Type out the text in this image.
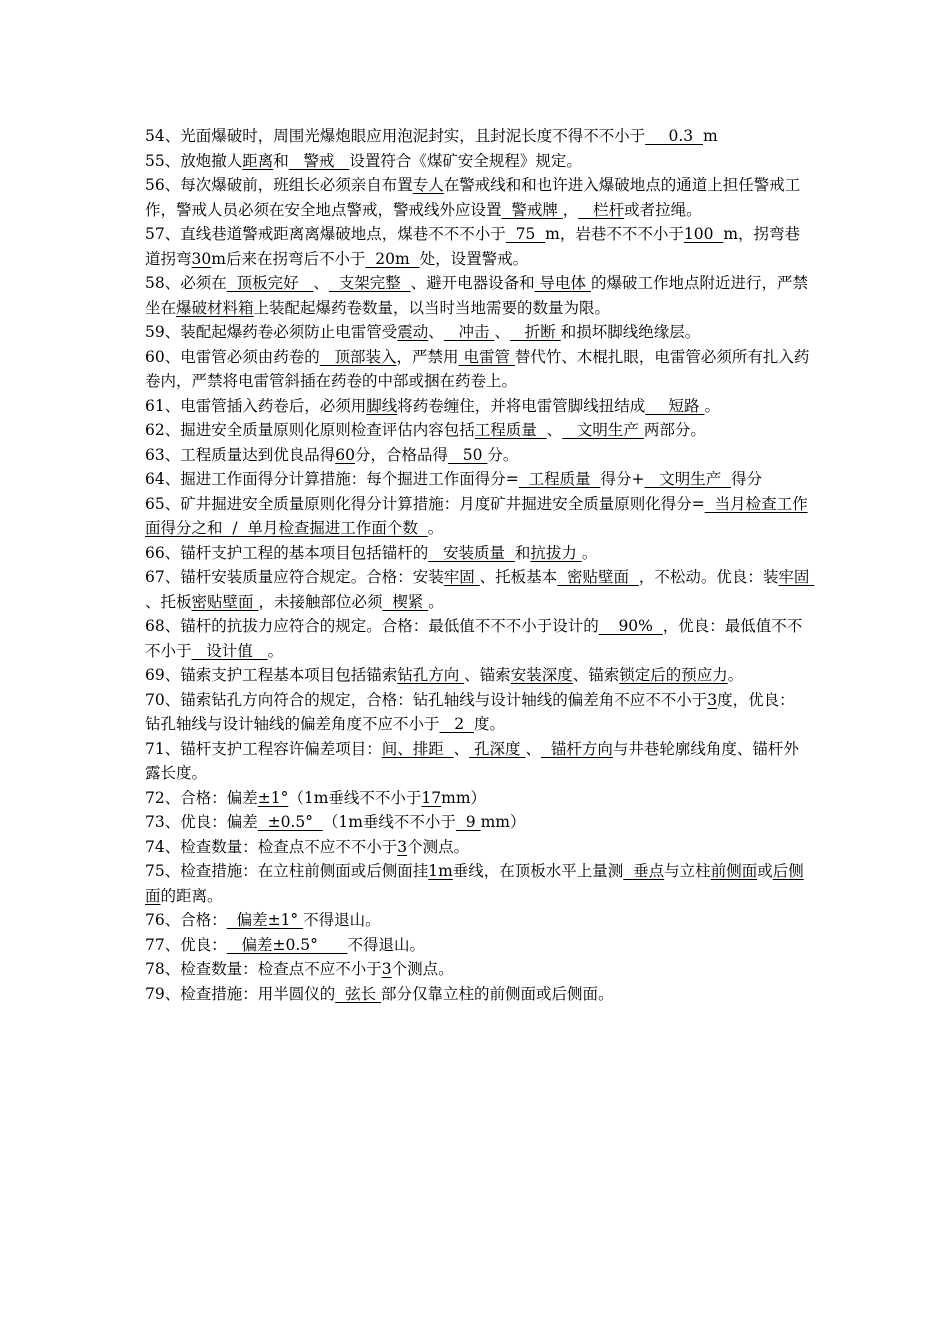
54、光面爆破时，周围光爆炮眼应用泡泥封实，且封泥长度不得不不小于___0.3  m

55、放炮撤人距离和   警戒   设置符合《煤矿安全规程》规定。

56、每次爆破前，班组长必须亲自布置专人在警戒线和和也许进入爆破地点的通道上担任警戒工作，警戒人员必须在安全地点警戒，警戒线外应设置  警戒牌 ，   栏杆或者拉绳。

57、直线巷道警戒距离离爆破地点，煤巷不不不小于  75  m，岩巷不不不小于100  m，拐弯巷道拐弯30m后来在拐弯后不小于  20m  处，设置警戒。

58、必须在  顶板完好   、  支架完整  、避开电器设备和 导电体 的爆破工作地点附近进行，严禁坐在爆破材料箱上装配起爆药卷数量，以当时当地需要的数量为限。

59、装配起爆药卷必须防止电雷管受震动、   冲击 、   折断 和损坏脚线绝缘层。

60、电雷管必须由药卷的   顶部装入，严禁用 电雷管 替代竹、木棍扎眼，电雷管必须所有扎入药卷内，严禁将电雷管斜插在药卷的中部或捆在药卷上。

61、电雷管插入药卷后，必须用脚线将药卷缠住，并将电雷管脚线扭结成___短路 。

62、掘进安全质量原则化原则检查评估内容包括工程质量  、   文明生产 两部分。

63、工程质量达到优良品得60分，合格品得   50 分。

64、掘进工作面得分计算措施：每个掘进工作面得分=  工程质量  得分+   文明生产  得分

65、矿井掘进安全质量原则化得分计算措施：月度矿井掘进安全质量原则化得分=  当月检查工作面得分之和  /  单月检查掘进工作面个数  。

66、锚杆支护工程的基本项目包括锚杆的   安装质量  和抗拔力 。

67、锚杆安装质量应符合规定。合格：安装牢固 、托板基本  密贴壁面  ，不松动。优良：装牢固 、托板密贴壁面 ，未接触部位必须  楔紧 。

68、锚杆的抗拔力应符合的规定。合格：最低值不不不小于设计的    90%  ，优良：最低值不不不小于   设计值   。

69、锚索支护工程基本项目包括锚索钻孔方向 、锚索安装深度、锚索锁定后的预应力。

70、锚索钻孔方向符合的规定，合格：钻孔轴线与设计轴线的偏差角不应不不小于3度，优良：钻孔轴线与设计轴线的偏差角度不应不小于   2  度。

71、锚杆支护工程容许偏差项目：间、排距  、 孔深度 、  锚杆方向与井巷轮廓线角度、锚杆外露长度。

72、合格：偏差±1°（1m垂线不不小于17mm）

73、优良：偏差  ±0.5°  （1m垂线不不小于  9 mm）

74、检查数量：检查点不应不不小于3个测点。

75、检查措施：在立柱前侧面或后侧面挂1m垂线，在顶板水平上量测  垂点与立柱前侧面或后侧面的距离。

76、合格：  偏差±1° 不得退山。

77、优良：   偏差±0.5°      不得退山。

78、检查数量：检查点不应不小于3个测点。

79、检查措施：用半圆仪的  弦长 部分仅靠立柱的前侧面或后侧面。
